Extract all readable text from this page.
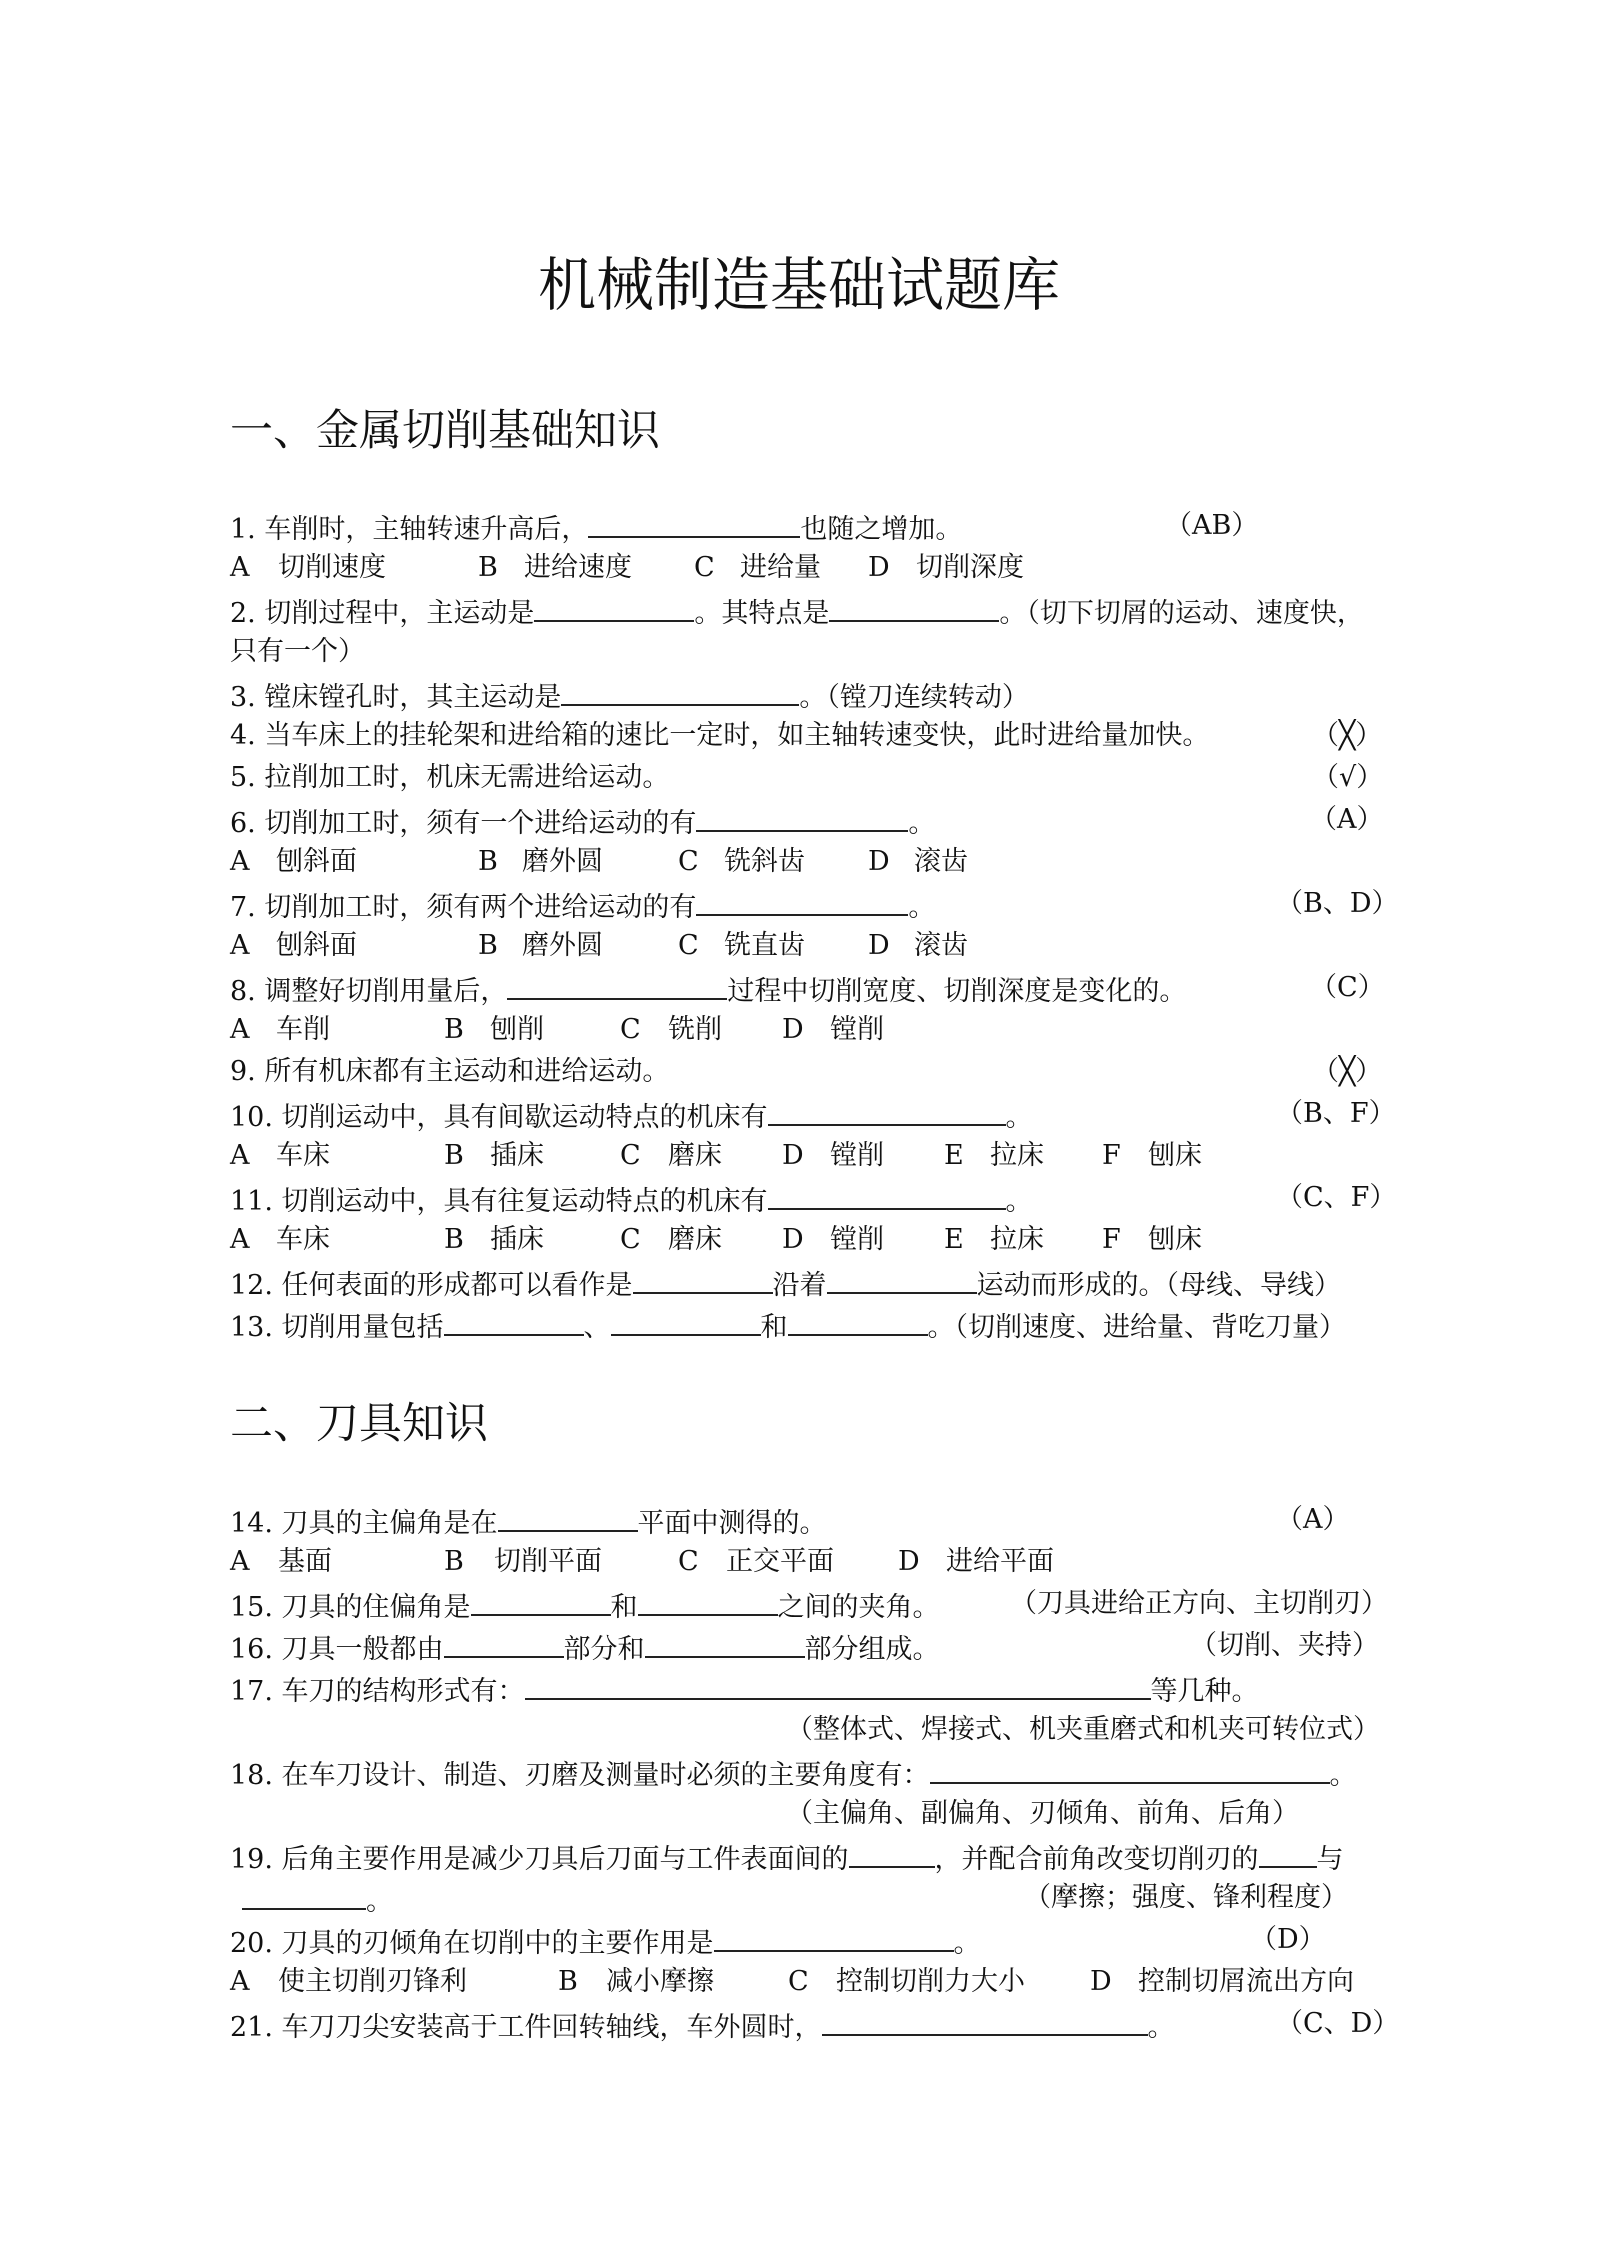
机械制造基础试题库
一、金属切削基础知识
1. 车削时，主轴转速升高后，	也随之增加。	（AB）
A 切削速度	B 进给速度 C 进给量 D 切削深度
2. 切削过程中，主运动是	。其特点是	。（切下切屑的运动、速度快，
只有一个）
3. 镗床镗孔时，其主运动是	。（镗刀连续转动）
4. 当车床上的挂轮架和进给箱的速比一定时，如主轴转速变快，此时进给量加快。	（╳）
5. 拉削加工时，机床无需进给运动。	（√）
6. 切削加工时，须有一个进给运动的有	。	（A）
A 刨斜面	B 磨外圆	C 铣斜齿 D 滚齿
7. 切削加工时，须有两个进给运动的有	。	（B、D）
A 刨斜面	B 磨外圆	C 铣直齿 D 滚齿
8. 调整好切削用量后，	过程中切削宽度、切削深度是变化的。	（C）
A 车削	B 刨削	C 铣削 D 镗削
9. 所有机床都有主运动和进给运动。	（╳）
10. 切削运动中，具有间歇运动特点的机床有	。	（B、F）
A 车床	B 插床	C 磨床 D 镗削 E 拉床 F 刨床
11. 切削运动中，具有往复运动特点的机床有	。	（C、F）
A 车床	B 插床	C 磨床 D 镗削 E 拉床 F 刨床
12. 任何表面的形成都可以看作是	沿着	运动而形成的。（母线、导线）
13. 切削用量包括	、	和	。（切削速度、进给量、背吃刀量）
二、刀具知识
14. 刀具的主偏角是在	平面中测得的。	（A）
A 基面	B 切削平面	C 正交平面 D 进给平面
15. 刀具的住偏角是	和	之间的夹角。	（刀具进给正方向、主切削刃）
16. 刀具一般都由	部分和	部分组成。	（切削、夹持）
17. 车刀的结构形式有：	等几种。
（整体式、焊接式、机夹重磨式和机夹可转位式）
18. 在车刀设计、制造、刃磨及测量时必须的主要角度有：	。
（主偏角、副偏角、刃倾角、前角、后角）
19. 后角主要作用是减少刀具后刀面与工件表面间的	，并配合前角改变切削刃的 与
。	（摩擦；强度、锋利程度）
20. 刀具的刃倾角在切削中的主要作用是	。	（D）
A 使主切削刃锋利	B 减小摩擦	C 控制切削力大小 D 控制切屑流出方向
21. 车刀刀尖安装高于工件回转轴线，车外圆时，	。	（C、D）
